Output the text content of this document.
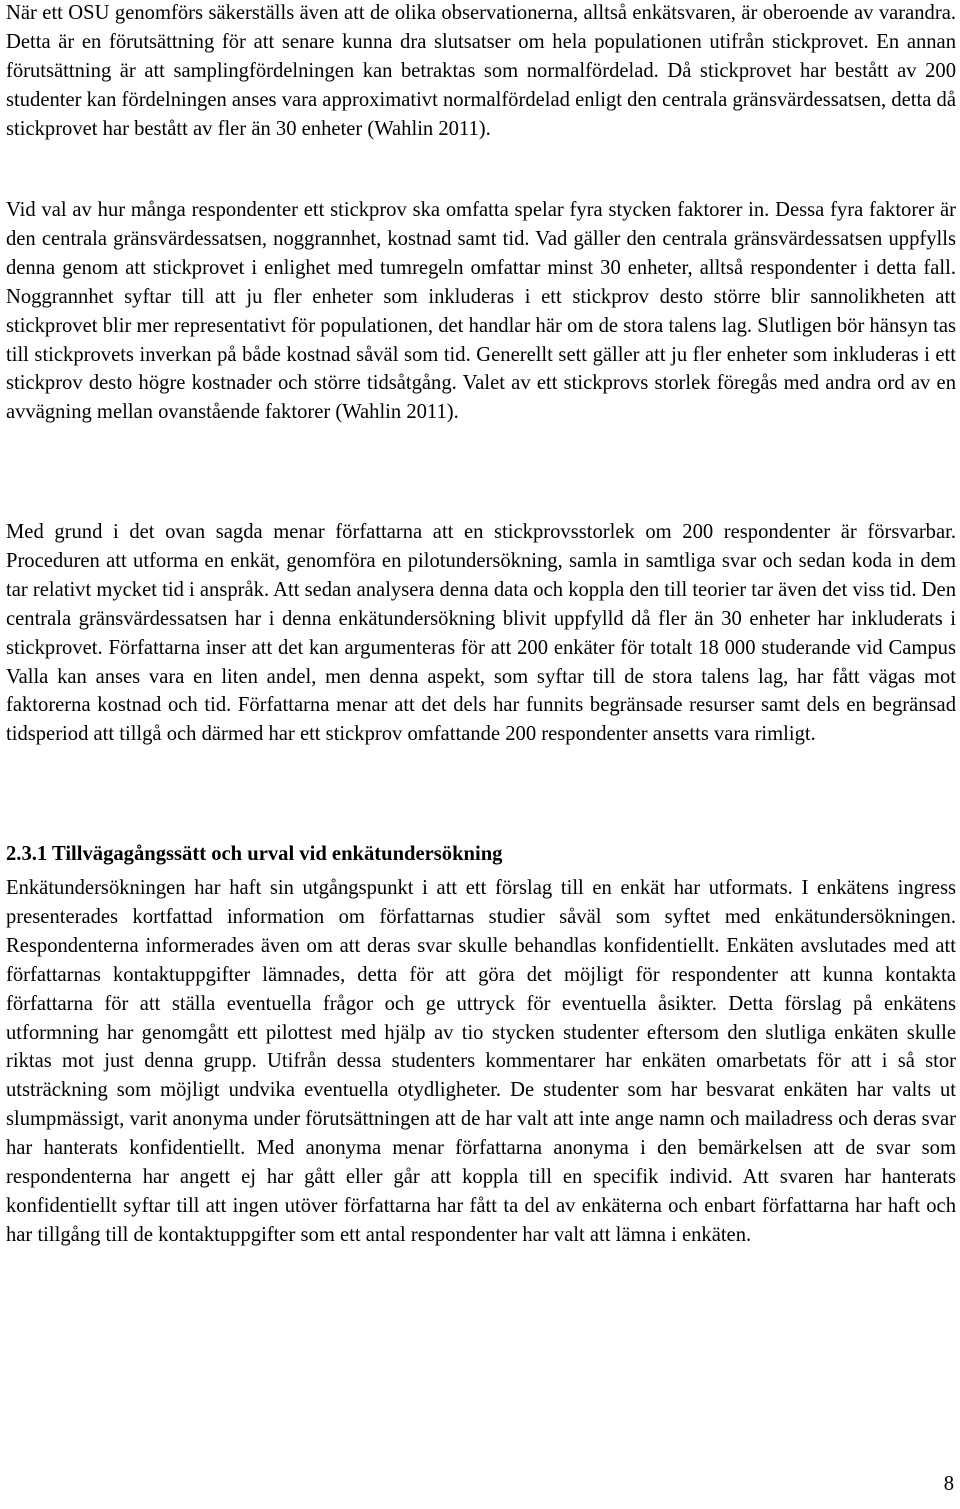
När ett OSU genomförs säkerställs även att de olika observationerna, alltså enkätsvaren, är oberoende av varandra. Detta är en förutsättning för att senare kunna dra slutsatser om hela populationen utifrån stickprovet. En annan förutsättning är att samplingfördelningen kan betraktas som normalfördelad. Då stickprovet har bestått av 200 studenter kan fördelningen anses vara approximativt normalfördelad enligt den centrala gränsvärdessatsen, detta då stickprovet har bestått av fler än 30 enheter (Wahlin 2011).

Vid val av hur många respondenter ett stickprov ska omfatta spelar fyra stycken faktorer in. Dessa fyra faktorer är den centrala gränsvärdessatsen, noggrannhet, kostnad samt tid. Vad gäller den centrala gränsvärdessatsen uppfylls denna genom att stickprovet i enlighet med tumregeln omfattar minst 30 enheter, alltså respondenter i detta fall. Noggrannhet syftar till att ju fler enheter som inkluderas i ett stickprov desto större blir sannolikheten att stickprovet blir mer representativt för populationen, det handlar här om de stora talens lag. Slutligen bör hänsyn tas till stickprovets inverkan på både kostnad såväl som tid. Generellt sett gäller att ju fler enheter som inkluderas i ett stickprov desto högre kostnader och större tidsåtgång. Valet av ett stickprovs storlek föregås med andra ord av en avvägning mellan ovanstående faktorer (Wahlin 2011).

Med grund i det ovan sagda menar författarna att en stickprovsstorlek om 200 respondenter är försvarbar. Proceduren att utforma en enkät, genomföra en pilotundersökning, samla in samtliga svar och sedan koda in dem tar relativt mycket tid i anspråk. Att sedan analysera denna data och koppla den till teorier tar även det viss tid. Den centrala gränsvärdessatsen har i denna enkätundersökning blivit uppfylld då fler än 30 enheter har inkluderats i stickprovet. Författarna inser att det kan argumenteras för att 200 enkäter för totalt 18 000 studerande vid Campus Valla kan anses vara en liten andel, men denna aspekt, som syftar till de stora talens lag, har fått vägas mot faktorerna kostnad och tid. Författarna menar att det dels har funnits begränsade resurser samt dels en begränsad tidsperiod att tillgå och därmed har ett stickprov omfattande 200 respondenter ansetts vara rimligt.

2.3.1 Tillvägagångssätt och urval vid enkätundersökning

Enkätundersökningen har haft sin utgångspunkt i att ett förslag till en enkät har utformats. I enkätens ingress presenterades kortfattad information om författarnas studier såväl som syftet med enkätundersökningen. Respondenterna informerades även om att deras svar skulle behandlas konfidentiellt. Enkäten avslutades med att författarnas kontaktuppgifter lämnades, detta för att göra det möjligt för respondenter att kunna kontakta författarna för att ställa eventuella frågor och ge uttryck för eventuella åsikter. Detta förslag på enkätens utformning har genomgått ett pilottest med hjälp av tio stycken studenter eftersom den slutliga enkäten skulle riktas mot just denna grupp. Utifrån dessa studenters kommentarer har enkäten omarbetats för att i så stor utsträckning som möjligt undvika eventuella otydligheter. De studenter som har besvarat enkäten har valts ut slumpmässigt, varit anonyma under förutsättningen att de har valt att inte ange namn och mailadress och deras svar har hanterats konfidentiellt. Med anonyma menar författarna anonyma i den bemärkelsen att de svar som respondenterna har angett ej har gått eller går att koppla till en specifik individ. Att svaren har hanterats konfidentiellt syftar till att ingen utöver författarna har fått ta del av enkäterna och enbart författarna har haft och har tillgång till de kontaktuppgifter som ett antal respondenter har valt att lämna i enkäten.

8
